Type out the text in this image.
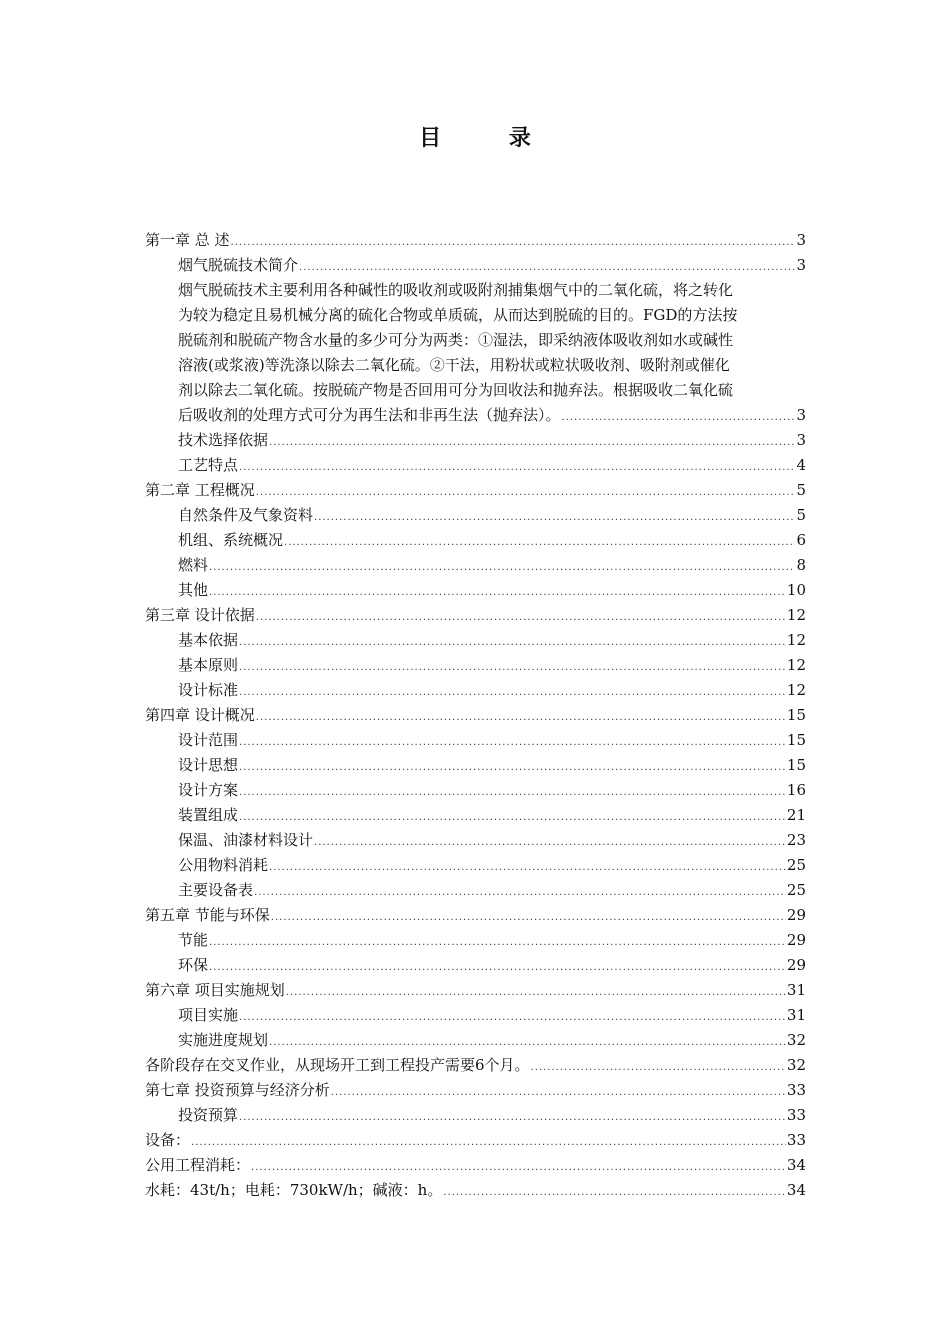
目 录
第一章 总 述 .....	3
烟气脱硫技术简介 .....	3
烟气脱硫技术主要利用各种碱性的吸收剂或吸附剂捕集烟气中的二氧化硫，将之转化
为较为稳定且易机械分离的硫化合物或单质硫，从而达到脱硫的目的。FGD的方法按
脱硫剂和脱硫产物含水量的多少可分为两类：①湿法，即采纳液体吸收剂如水或碱性
溶液(或浆液)等洗涤以除去二氧化硫。②干法，用粉状或粒状吸收剂、吸附剂或催化
剂以除去二氧化硫。按脱硫产物是否回用可分为回收法和抛弃法。根据吸收二氧化硫
后吸收剂的处理方式可分为再生法和非再生法（抛弃法）。 .....	3
技术选择依据 .....	3
工艺特点 .....	4
第二章 工程概况 .....	5
自然条件及气象资料 .....	5
机组、系统概况 .....	6
燃料 .....	8
其他 .....	10
第三章 设计依据 .....	12
基本依据 .....	12
基本原则 .....	12
设计标准 .....	12
第四章 设计概况 .....	15
设计范围 .....	15
设计思想 .....	15
设计方案 .....	16
装置组成 .....	21
保温、油漆材料设计 .....	23
公用物料消耗 .....	25
主要设备表 .....	25
第五章 节能与环保 .....	29
节能 .....	29
环保 .....	29
第六章 项目实施规划 .....	31
项目实施 .....	31
实施进度规划 .....	32
各阶段存在交叉作业，从现场开工到工程投产需要6个月。 .....	32
第七章 投资预算与经济分析 .....	33
投资预算 .....	33
设备： .....	33
公用工程消耗： .....	34
水耗：43t/h；电耗：730kW/h；碱液：h。 .....	34
